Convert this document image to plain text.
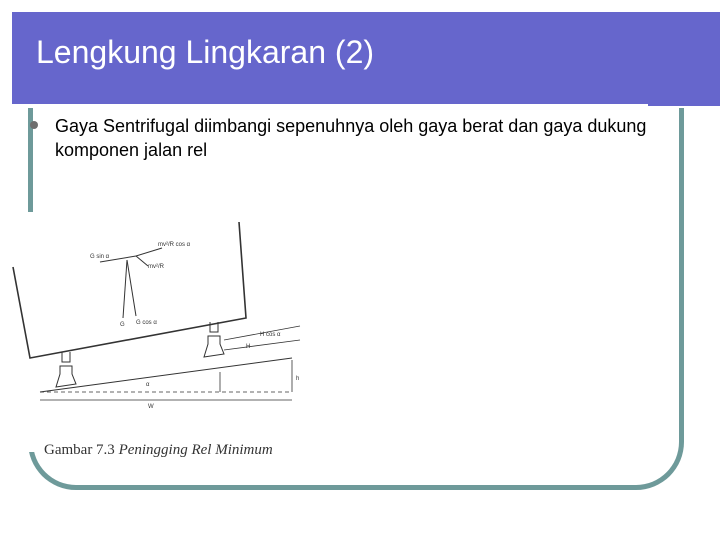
Lengkung Lingkaran (2)
Gaya Sentrifugal diimbangi sepenuhnya oleh gaya berat dan gaya dukung komponen jalan rel
G sin α
mv²/R cos α
mv²/R
G G cos α
H cos α
H
α
h
W
Gambar 7.3 Peningging Rel Minimum
